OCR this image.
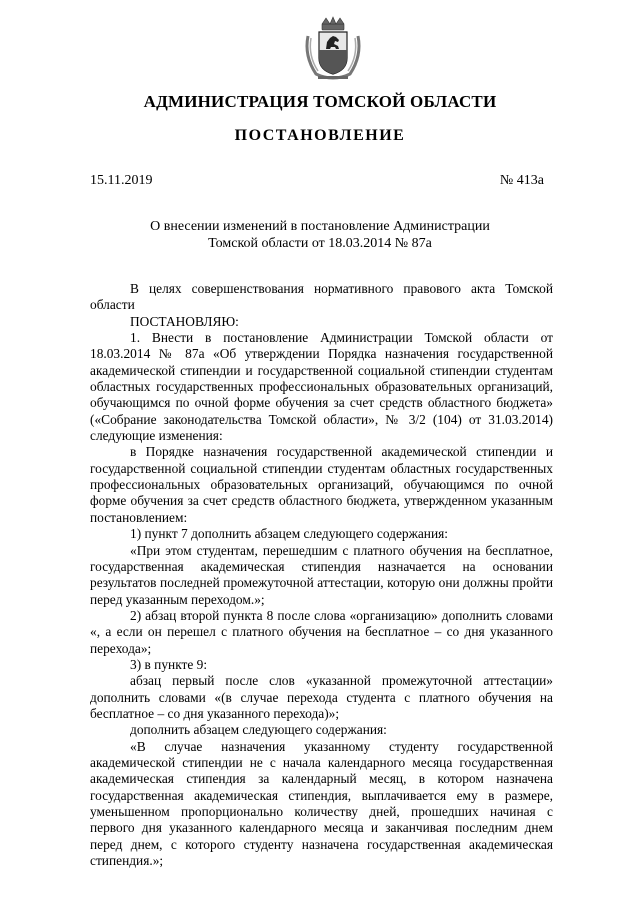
АДМИНИСТРАЦИЯ ТОМСКОЙ ОБЛАСТИ
ПОСТАНОВЛЕНИЕ
15.11.2019	№ 413а
О внесении изменений в постановление Администрации
Томской области от 18.03.2014 № 87а

В целях совершенствования нормативного правового акта Томской области

ПОСТАНОВЛЯЮ:

1. Внести в постановление Администрации Томской области от 18.03.2014 № 87а «Об утверждении Порядка назначения государственной академической стипендии и государственной социальной стипендии студентам областных государственных профессиональных образовательных организаций, обучающимся по очной форме обучения за счет средств областного бюджета» («Собрание законодательства Томской области», № 3/2 (104) от 31.03.2014) следующие изменения:

в Порядке назначения государственной академической стипендии и государственной социальной стипендии студентам областных государственных профессиональных образовательных организаций, обучающимся по очной форме обучения за счет средств областного бюджета, утвержденном указанным постановлением:

1) пункт 7 дополнить абзацем следующего содержания:

«При этом студентам, перешедшим с платного обучения на бесплатное, государственная академическая стипендия назначается на основании результатов последней промежуточной аттестации, которую они должны пройти перед указанным переходом.»;

2) абзац второй пункта 8 после слова «организацию» дополнить словами «, а если он перешел с платного обучения на бесплатное – со дня указанного перехода»;

3) в пункте 9:

абзац первый после слов «указанной промежуточной аттестации» дополнить словами «(в случае перехода студента с платного обучения на бесплатное – со дня указанного перехода)»;

дополнить абзацем следующего содержания:

«В случае назначения указанному студенту государственной академической стипендии не с начала календарного месяца государственная академическая стипендия за календарный месяц, в котором назначена государственная академическая стипендия, выплачивается ему в размере, уменьшенном пропорционально количеству дней, прошедших начиная с первого дня указанного календарного месяца и заканчивая последним днем перед днем, с которого студенту назначена государственная академическая стипендия.»;
